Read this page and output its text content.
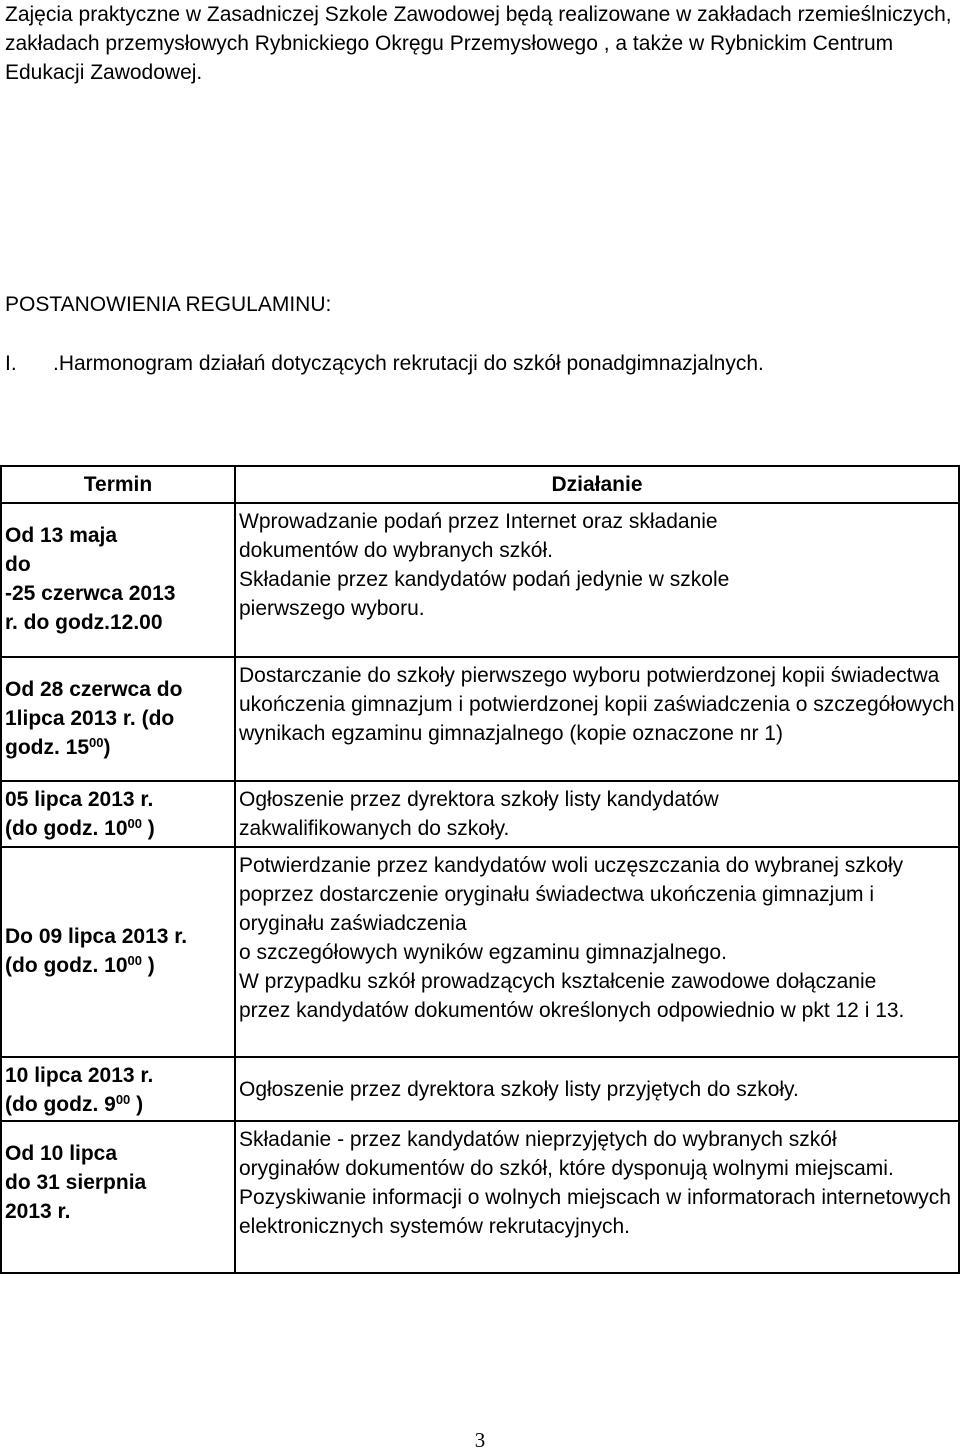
Zajęcia praktyczne w Zasadniczej Szkole Zawodowej będą realizowane w zakładach rzemieślniczych, zakładach przemysłowych Rybnickiego Okręgu Przemysłowego , a także w Rybnickim Centrum Edukacji Zawodowej.

POSTANOWIENIA REGULAMINU:

I. .Harmonogram działań dotyczących rekrutacji do szkół ponadgimnazjalnych.

Termin	Działanie
Od 13 maja
do
-25 czerwca 2013
r. do godz.12.00
Wprowadzanie podań przez Internet oraz składanie dokumentów do wybranych szkół.
Składanie przez kandydatów podań jedynie w szkole pierwszego wyboru.
Od 28 czerwca do 1lipca 2013 r. (do godz. $15^{00}$)
Dostarczanie do szkoły pierwszego wyboru potwierdzonej kopii świadectwa ukończenia gimnazjum i potwierdzonej kopii zaświadczenia o szczegółowych wynikach egzaminu gimnazjalnego (kopie oznaczone nr 1)
05 lipca 2013 r.
(do godz. $10^{00}$ )
Ogłoszenie przez dyrektora szkoły listy kandydatów zakwalifikowanych do szkoły.
Do 09 lipca 2013 r.
(do godz. $10^{00}$ )
Potwierdzanie przez kandydatów woli uczęszczania do wybranej szkoły poprzez dostarczenie oryginału świadectwa ukończenia gimnazjum i oryginału zaświadczenia
o szczegółowych wyników egzaminu gimnazjalnego.
W przypadku szkół prowadzących kształcenie zawodowe dołączanie przez kandydatów dokumentów określonych odpowiednio w pkt 12 i 13.
10 lipca 2013 r.
(do godz. $9^{00}$ )
Ogłoszenie przez dyrektora szkoły listy przyjętych do szkoły.
Od 10 lipca
do 31 sierpnia
2013 r.
Składanie - przez kandydatów nieprzyjętych do wybranych szkół oryginałów dokumentów do szkół, które dysponują wolnymi miejscami.
Pozyskiwanie informacji o wolnych miejscach w informatorach internetowych elektronicznych systemów rekrutacyjnych.
3
